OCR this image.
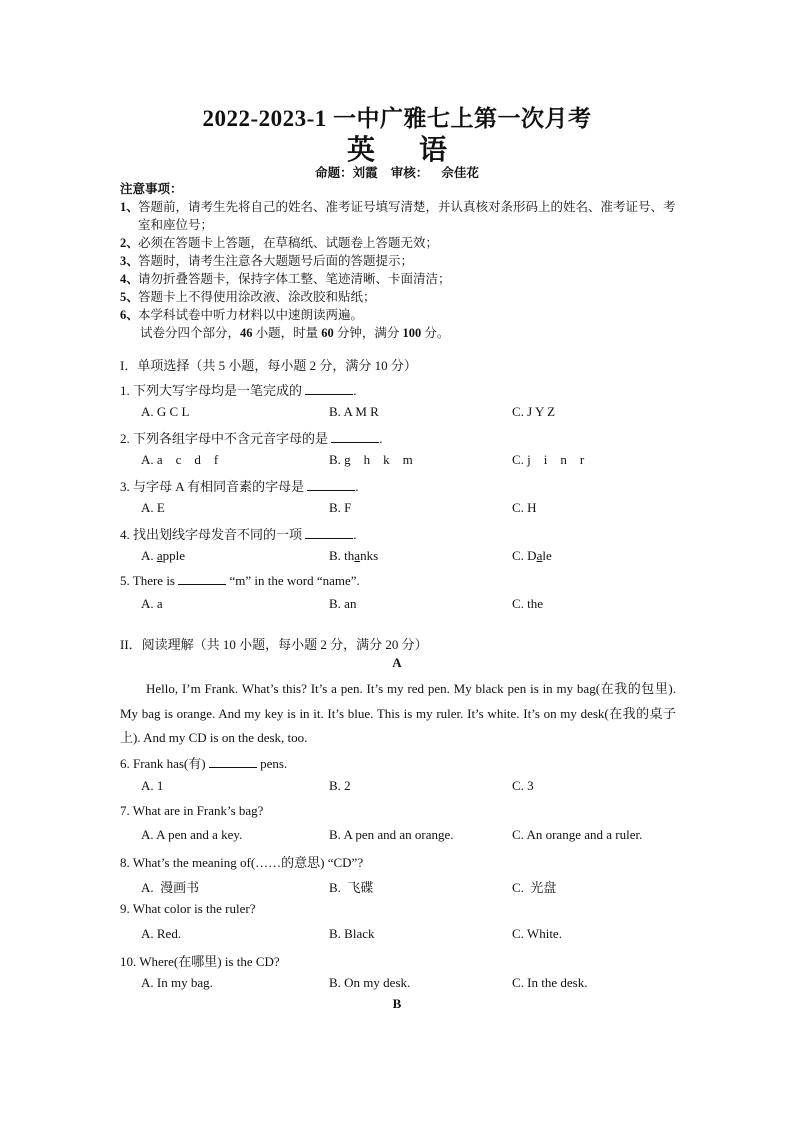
2022-2023-1 一中广雅七上第一次月考
英 语
命题：刘霞 审核： 佘佳花
注意事项：
1、 答题前，请考生先将自己的姓名、准考证号填写清楚，并认真核对条形码上的姓名、准考证号、考室和座位号；
2、 必须在答题卡上答题，在草稿纸、试题卷上答题无效；
3、 答题时，请考生注意各大题题号后面的答题提示；
4、 请勿折叠答题卡，保持字体工整、笔迹清晰、卡面清洁；
5、 答题卡上不得使用涂改液、涂改胶和贴纸；
6、 本学科试卷中听力材料以中速朗读两遍。
试卷分四个部分，46 小题，时量 60 分钟，满分 100 分。
I．单项选择（共 5 小题，每小题 2 分，满分 10 分）
1. 下列大写字母均是一笔完成的	.
A. G C L	B. A M R	C. J Y Z
2. 下列各组字母中不含元音字母的是	.
A. a    c    d    f	B. g    h    k    m	C. j    i    n    r
3. 与字母 A 有相同音素的字母是	.
A. E	B. F	C. H
4. 找出划线字母发音不同的一项	.
A. apple	B. thanks	C. Dale
5. There is	“m” in the word “name”.
A. a	B. an	C. the
II．阅读理解（共 10 小题，每小题 2 分，满分 20 分）
A
Hello, I’m Frank. What’s this? It’s a pen. It’s my red pen. My black pen is in my bag(在我的包里). My bag is orange. And my key is in it. It’s blue. This is my ruler. It’s white. It’s on my desk(在我的桌子上). And my CD is on the desk, too.
6. Frank has(有)	pens.
A. 1	B. 2	C. 3
7. What are in Frank’s bag?
A. A pen and a key.	B. A pen and an orange.	C. An orange and a ruler.
8. What’s the meaning of(……的意思) “CD”?
A.  漫画书	B.  飞碟	C.  光盘
9. What color is the ruler?
A. Red.	B. Black	C. White.
10. Where(在哪里) is the CD?
A. In my bag.	B. On my desk.	C. In the desk.
B
